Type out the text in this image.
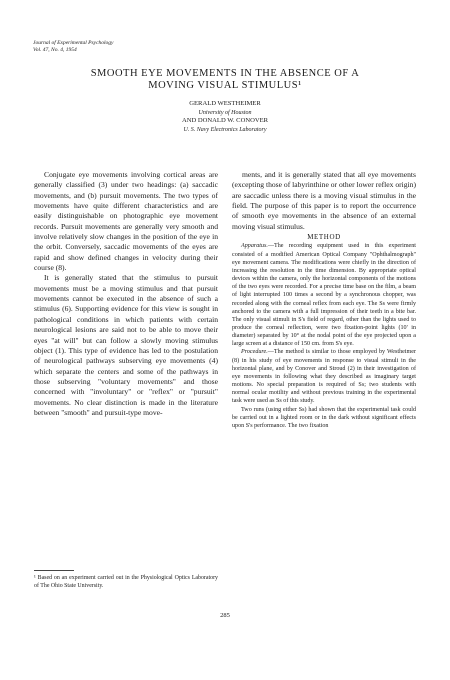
Journal of Experimental Psychology
Vol. 47, No. 4, 1954
SMOOTH EYE MOVEMENTS IN THE ABSENCE OF A
MOVING VISUAL STIMULUS¹
GERALD WESTHEIMER
University of Houston
AND DONALD W. CONOVER
U. S. Navy Electronics Laboratory

Conjugate eye movements involving cortical areas are generally classified (3) under two headings: (a) saccadic movements, and (b) pursuit movements. The two types of movements have quite different characteristics and are easily distinguishable on photographic eye movement records. Pursuit movements are generally very smooth and involve relatively slow changes in the position of the eye in the orbit. Conversely, saccadic movements of the eyes are rapid and show defined changes in velocity during their course (8).

It is generally stated that the stimulus to pursuit movements must be a moving stimulus and that pursuit movements cannot be executed in the absence of such a stimulus (6). Supporting evidence for this view is sought in pathological conditions in which patients with certain neurological lesions are said not to be able to move their eyes "at will" but can follow a slowly moving stimulus object (1). This type of evidence has led to the postulation of neurological pathways subserving eye movements (4) which separate the centers and some of the pathways in those subserving "voluntary movements" and those concerned with "involuntary" or "reflex" or "pursuit" movements. No clear distinction is made in the literature between "smooth" and pursuit-type move-

ments, and it is generally stated that all eye movements (excepting those of labyrinthine or other lower reflex origin) are saccadic unless there is a moving visual stimulus in the field. The purpose of this paper is to report the occurrence of smooth eye movements in the absence of an external moving visual stimulus.

METHOD

Apparatus.—The recording equipment used in this experiment consisted of a modified American Optical Company "Ophthalmograph" eye movement camera. The modifications were chiefly in the direction of increasing the resolution in the time dimension. By appropriate optical devices within the camera, only the horizontal components of the motions of the two eyes were recorded. For a precise time base on the film, a beam of light interrupted 100 times a second by a synchronous chopper, was recorded along with the corneal reflex from each eye. The Ss were firmly anchored to the camera with a full impression of their teeth in a bite bar. The only visual stimuli in S's field of regard, other than the lights used to produce the corneal reflection, were two fixation-point lights (10' in diameter) separated by 10° at the nodal point of the eye projected upon a large screen at a distance of 150 cm. from S's eye.

Procedure.—The method is similar to those employed by Westheimer (8) in his study of eye movements in response to visual stimuli in the horizontal plane, and by Conover and Stroud (2) in their investigation of eye movements in following what they described as imaginary target motions. No special preparation is required of Ss; two students with normal ocular motility and without previous training in the experimental task were used as Ss of this study.

Two runs (using either Ss) had shown that the experimental task could be carried out in a lighted room or in the dark without significant effects upon S's performance. The two fixation

¹ Based on an experiment carried out in the Physiological Optics Laboratory of The Ohio State University.
285
